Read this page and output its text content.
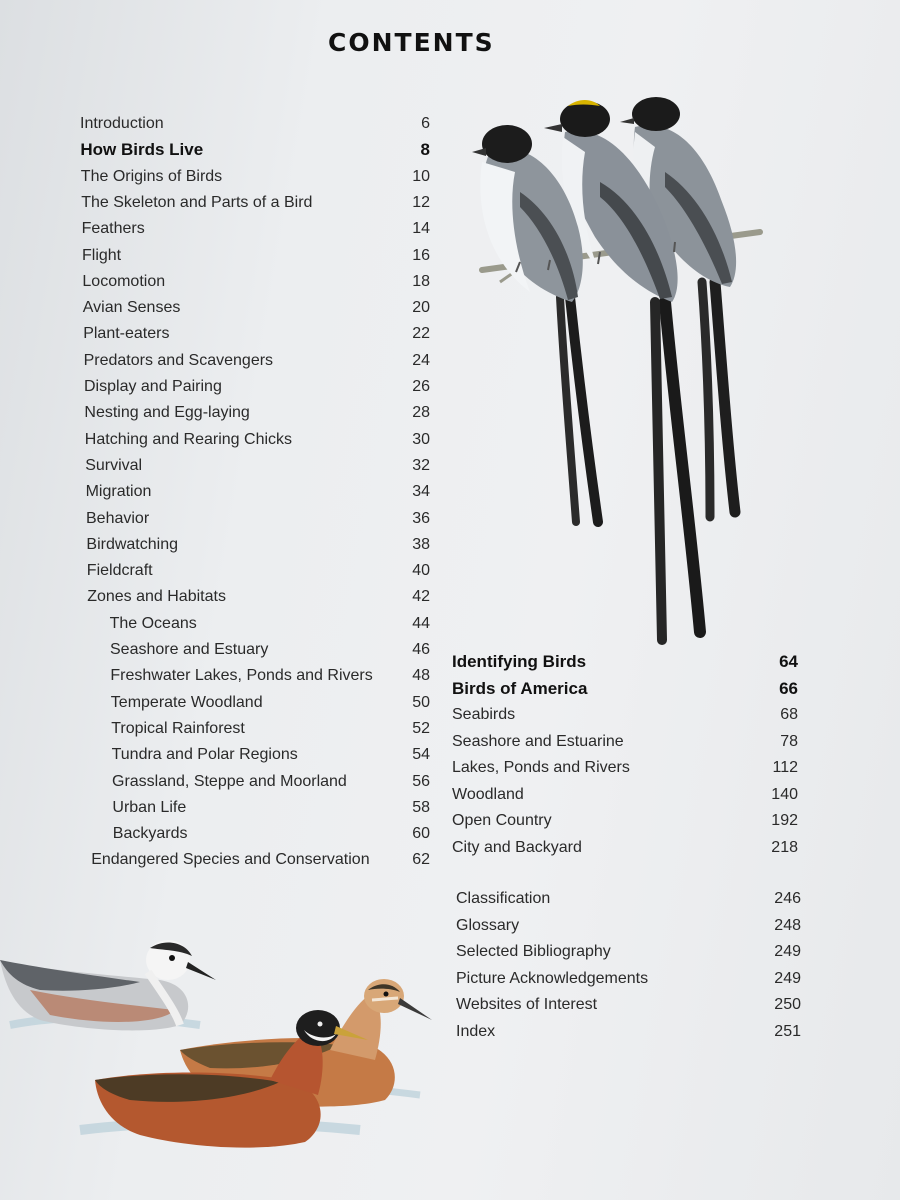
CONTENTS
Introduction	6
How Birds Live	8
The Origins of Birds	10
The Skeleton and Parts of a Bird	12
Feathers	14
Flight	16
Locomotion	18
Avian Senses	20
Plant-eaters	22
Predators and Scavengers	24
Display and Pairing	26
Nesting and Egg-laying	28
Hatching and Rearing Chicks	30
Survival	32
Migration	34
Behavior	36
Birdwatching	38
Fieldcraft	40
Zones and Habitats	42
The Oceans	44
Seashore and Estuary	46
Freshwater Lakes, Ponds and Rivers 48
Temperate Woodland	50
Tropical Rainforest	52
Tundra and Polar Regions	54
Grassland, Steppe and Moorland	56
Urban Life	58
Backyards	60
Endangered Species and Conservation	62
Identifying Birds	64
Birds of America	66
Seabirds	68
Seashore and Estuarine	78
Lakes, Ponds and Rivers	112
Woodland	140
Open Country	192
City and Backyard	218
Classification	246
Glossary	248
Selected Bibliography	249
Picture Acknowledgements	249
Websites of Interest	250
Index	251
